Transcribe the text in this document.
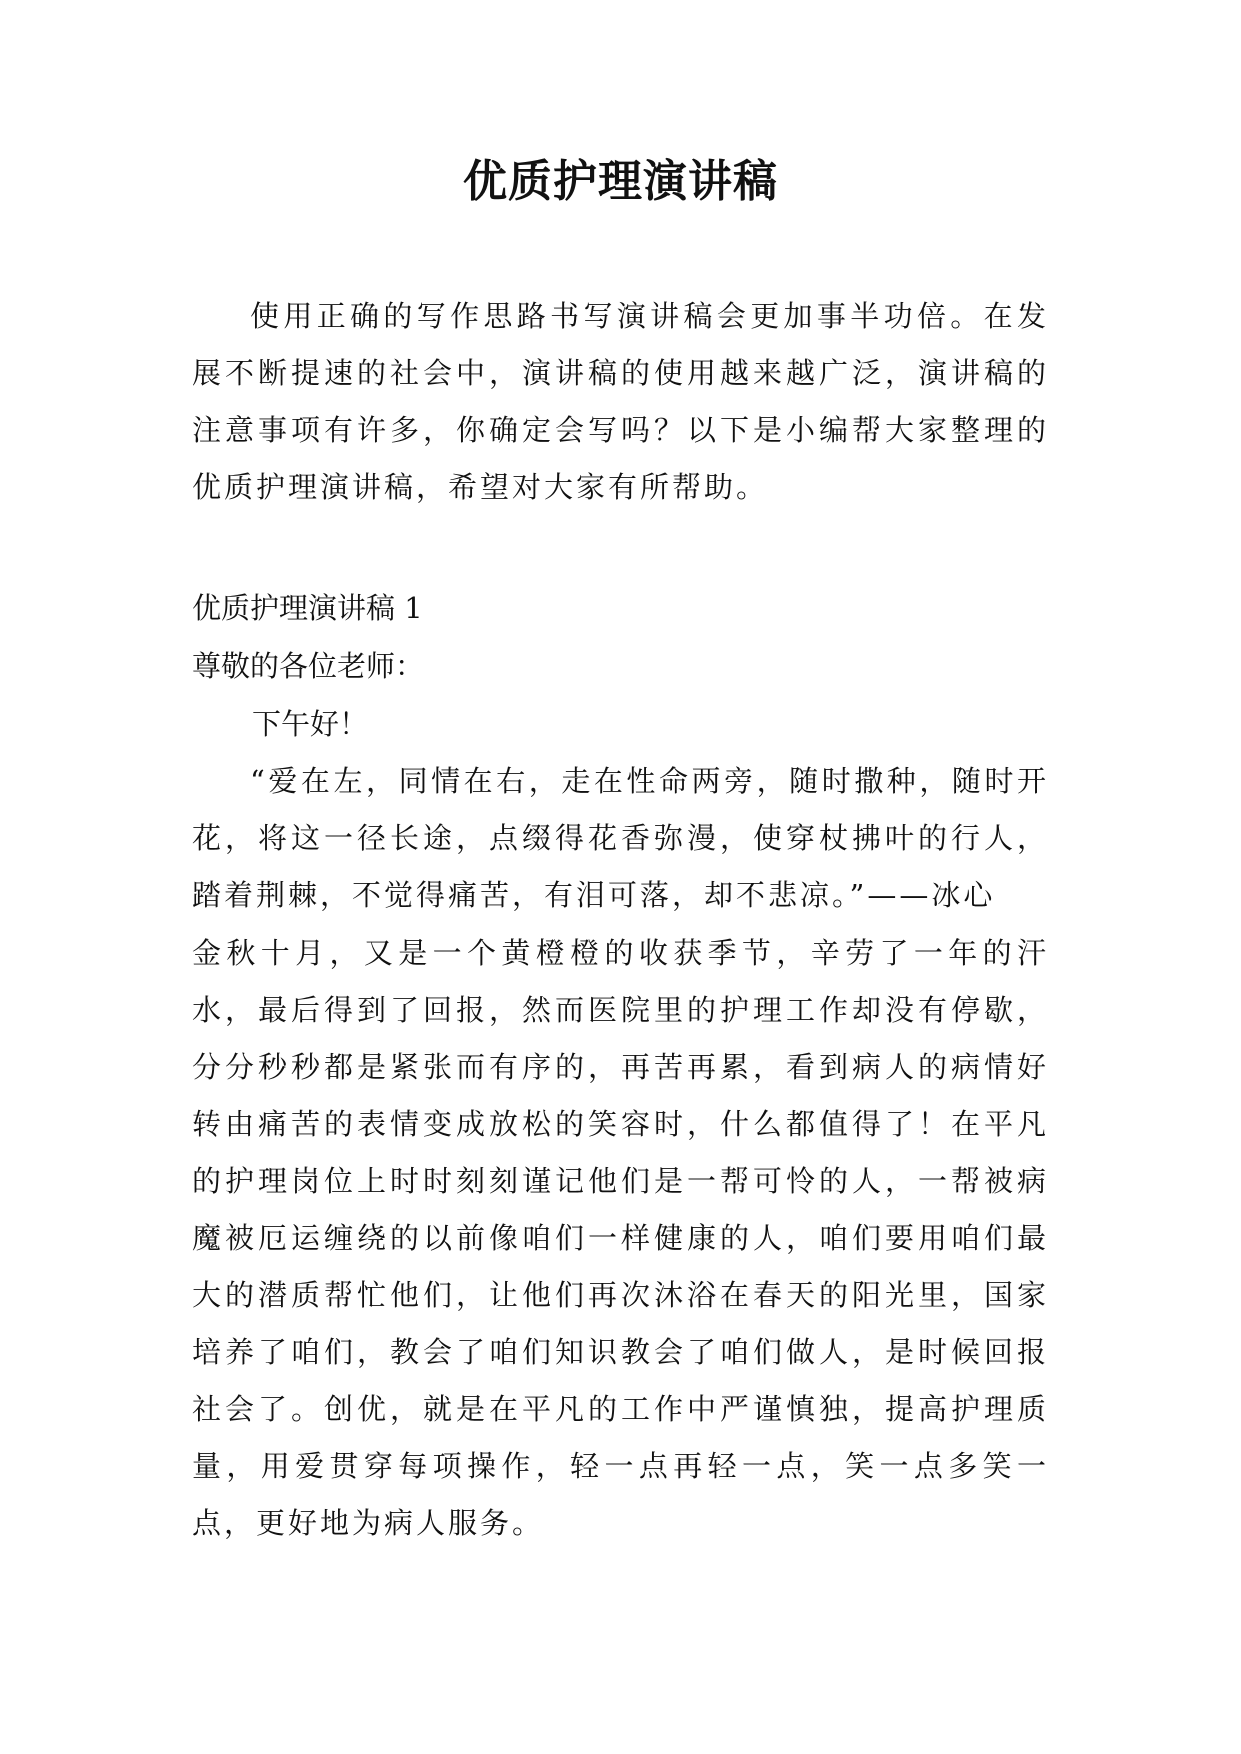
优质护理演讲稿

使用正确的写作思路书写演讲稿会更加事半功倍。在发展不断提速的社会中，演讲稿的使用越来越广泛，演讲稿的注意事项有许多，你确定会写吗？以下是小编帮大家整理的优质护理演讲稿，希望对大家有所帮助。

优质护理演讲稿 1

尊敬的各位老师：

下午好！

“爱在左，同情在右，走在性命两旁，随时撒种，随时开花，将这一径长途，点缀得花香弥漫，使穿杖拂叶的行人，踏着荆棘，不觉得痛苦，有泪可落，却不悲凉。”——冰心

金秋十月，又是一个黄橙橙的收获季节，辛劳了一年的汗水，最后得到了回报，然而医院里的护理工作却没有停歇，分分秒秒都是紧张而有序的，再苦再累，看到病人的病情好转由痛苦的表情变成放松的笑容时，什么都值得了！在平凡的护理岗位上时时刻刻谨记他们是一帮可怜的人，一帮被病魔被厄运缠绕的以前像咱们一样健康的人，咱们要用咱们最大的潜质帮忙他们，让他们再次沐浴在春天的阳光里，国家培养了咱们，教会了咱们知识教会了咱们做人，是时候回报社会了。创优，就是在平凡的工作中严谨慎独，提高护理质量，用爱贯穿每项操作，轻一点再轻一点，笑一点多笑一点，更好地为病人服务。
